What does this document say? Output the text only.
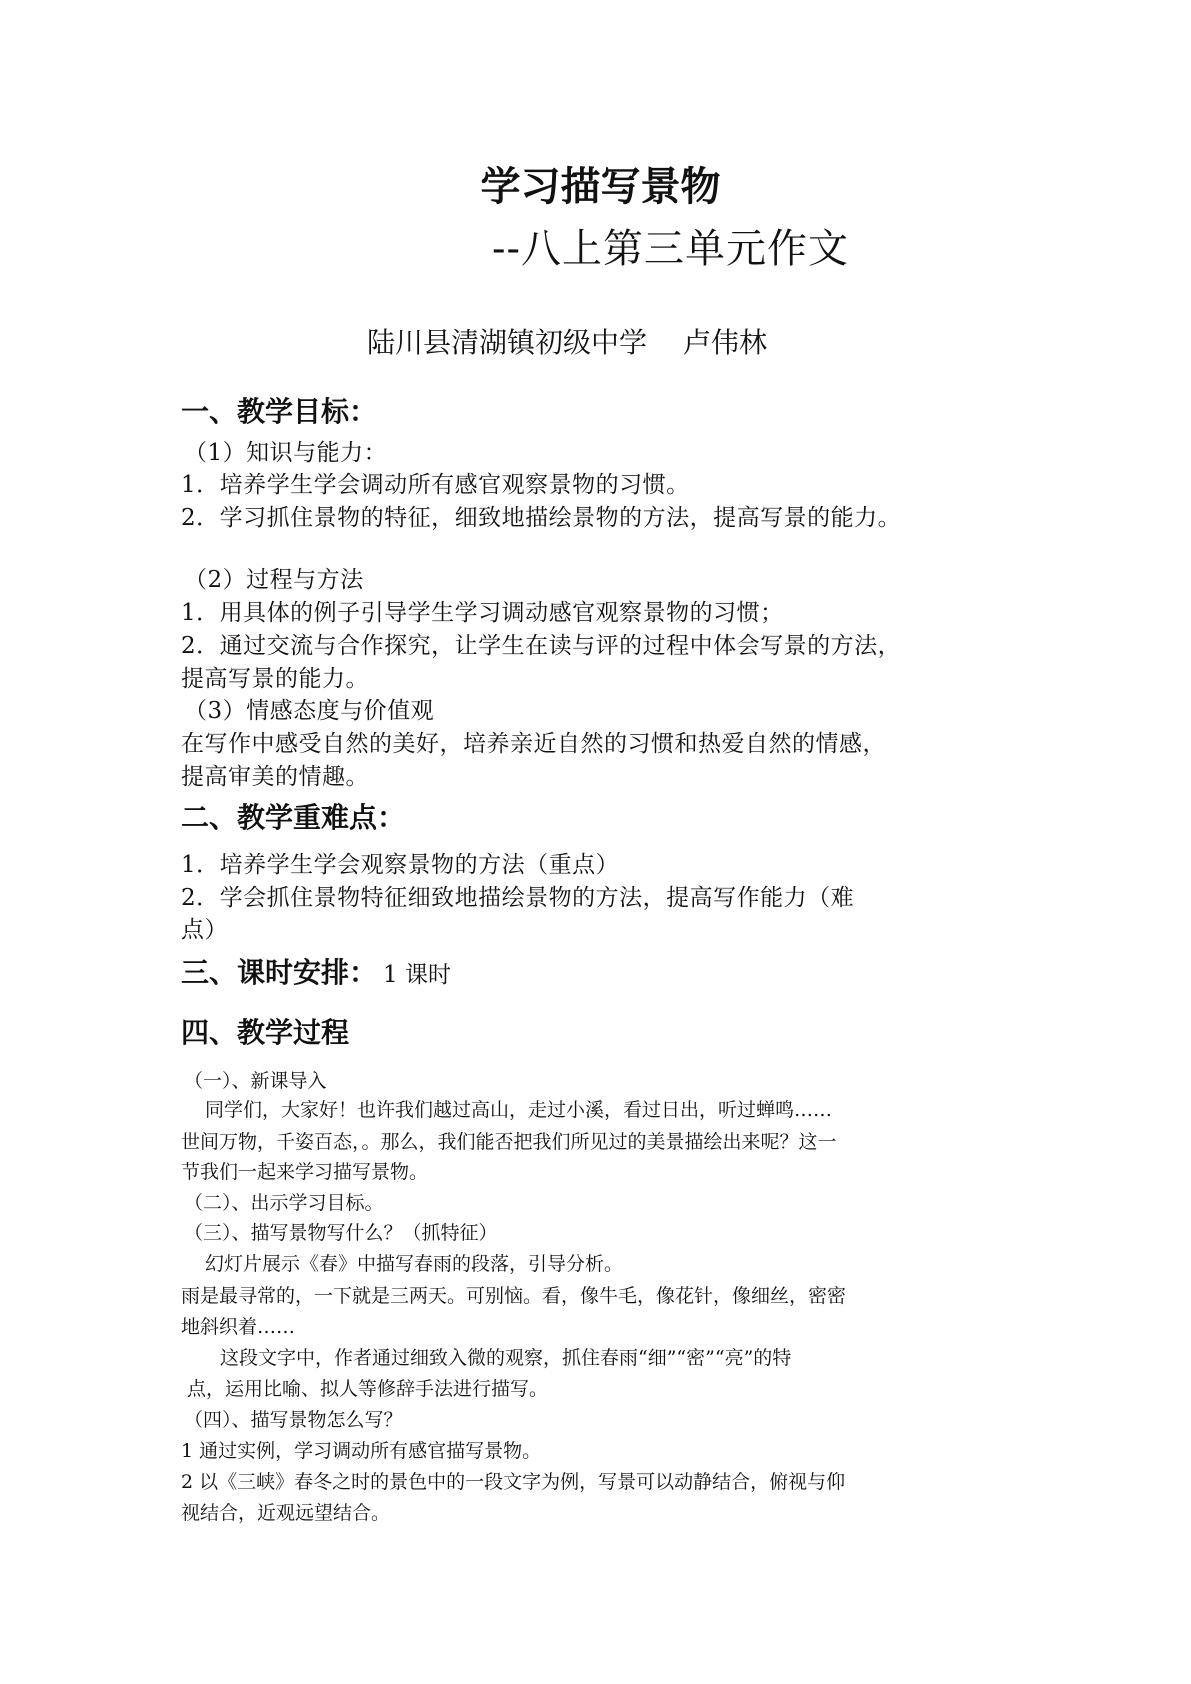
学习描写景物
--八上第三单元作文
陆川县清湖镇初级中学 卢伟林
一、教学目标：
（1）知识与能力：
1．培养学生学会调动所有感官观察景物的习惯。
2．学习抓住景物的特征，细致地描绘景物的方法，提高写景的能力。
（2）过程与方法
1．用具体的例子引导学生学习调动感官观察景物的习惯；
2．通过交流与合作探究，让学生在读与评的过程中体会写景的方法，
提高写景的能力。
（3）情感态度与价值观
在写作中感受自然的美好，培养亲近自然的习惯和热爱自然的情感，
提高审美的情趣。
二、教学重难点：
1．培养学生学会观察景物的方法（重点）
2．学会抓住景物特征细致地描绘景物的方法，提高写作能力（难
点）
三、课时安排： 1 课时
四、教学过程
（一）、新课导入
同学们，大家好！也许我们越过高山，走过小溪，看过日出，听过蝉鸣……
世间万物，千姿百态，。那么，我们能否把我们所见过的美景描绘出来呢？这一
节我们一起来学习描写景物。
（二）、出示学习目标。
（三）、描写景物写什么？（抓特征）
幻灯片展示《春》中描写春雨的段落，引导分析。
雨是最寻常的，一下就是三两天。可别恼。看，像牛毛，像花针，像细丝，密密
地斜织着……
这段文字中，作者通过细致入微的观察，抓住春雨“细”“密”“亮”的特
点，运用比喻、拟人等修辞手法进行描写。
（四）、描写景物怎么写？
1 通过实例，学习调动所有感官描写景物。
2 以《三峡》春冬之时的景色中的一段文字为例，写景可以动静结合，俯视与仰
视结合，近观远望结合。
